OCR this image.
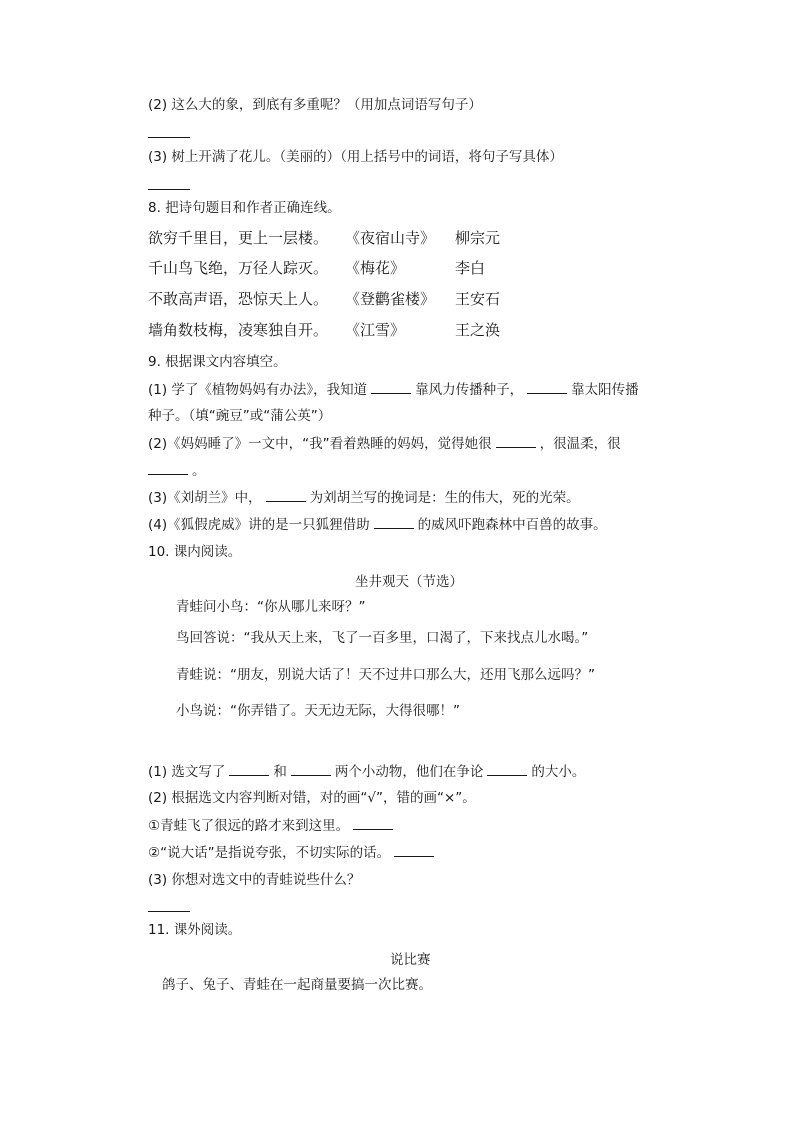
(2) 这么大的象，到底有多重呢？（用加点词语写句子）
(3) 树上开满了花儿。（美丽的）（用上括号中的词语，将句子写具体）
8. 把诗句题目和作者正确连线。
欲穷千里目，更上一层楼。 《夜宿山寺》 柳宗元
千山鸟飞绝，万径人踪灭。 《梅花》	李白
不敢高声语，恐惊天上人。 《登鹳雀楼》 王安石
墙角数枝梅，凌寒独自开。 《江雪》	王之涣
9. 根据课文内容填空。
(1) 学了《植物妈妈有办法》，我知道	靠风力传播种子，	靠太阳传播
种子。（填“豌豆”或“蒲公英”）
(2)《妈妈睡了》一文中，“我”看着熟睡的妈妈，觉得她很	，很温柔，很
。
(3)《刘胡兰》中，	为刘胡兰写的挽词是：生的伟大，死的光荣。
(4)《狐假虎威》讲的是一只狐狸借助	的威风吓跑森林中百兽的故事。
10. 课内阅读。
坐井观天（节选）
青蛙问小鸟：“你从哪儿来呀？”
鸟回答说：“我从天上来，飞了一百多里，口渴了，下来找点儿水喝。”
青蛙说：“朋友，别说大话了！天不过井口那么大，还用飞那么远吗？”
小鸟说：“你弄错了。天无边无际，大得很哪！”
(1) 选文写了	和	两个小动物，他们在争论	的大小。
(2) 根据选文内容判断对错，对的画“√”，错的画“×”。
①青蛙飞了很远的路才来到这里。
②“说大话”是指说夸张，不切实际的话。
(3) 你想对选文中的青蛙说些什么？
11. 课外阅读。
说比赛
鸽子、兔子、青蛙在一起商量要搞一次比赛。
